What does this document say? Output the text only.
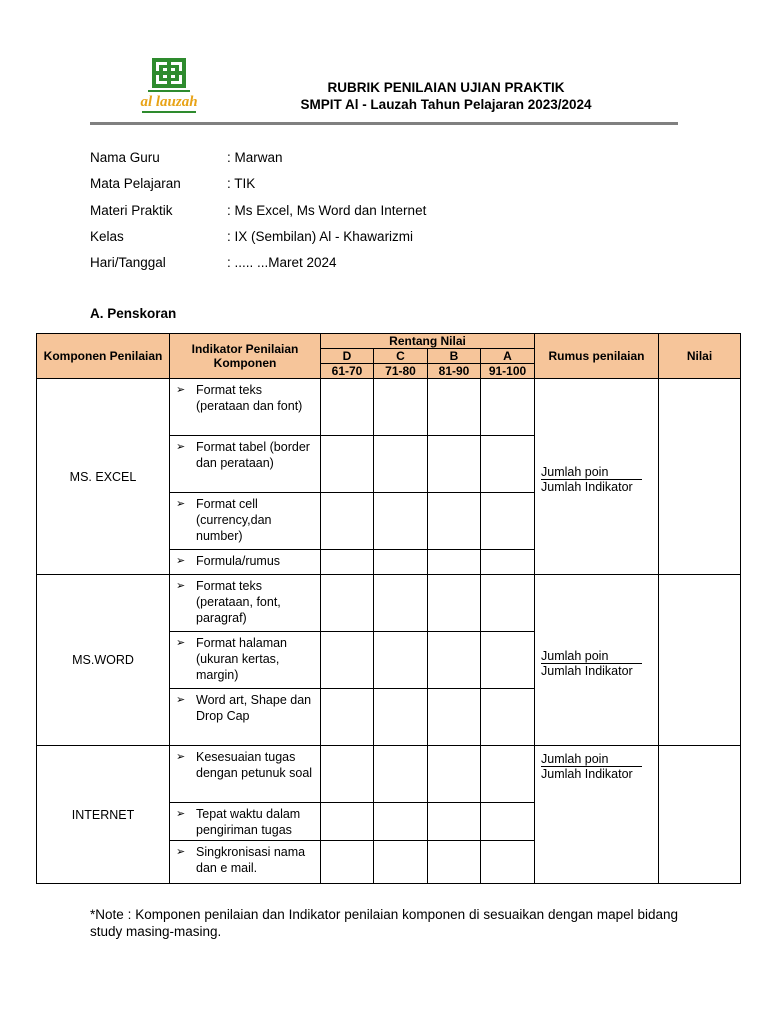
al lauzah
RUBRIK PENILAIAN UJIAN PRAKTIK
SMPIT Al - Lauzah Tahun Pelajaran 2023/2024
Nama Guru	: Marwan
Mata Pelajaran	: TIK
Materi Praktik	: Ms Excel, Ms Word dan Internet
Kelas	: IX (Sembilan) Al - Khawarizmi
Hari/Tanggal	: ..... ...Maret 2024
A. Penskoran
Komponen Penilaian	Indikator Penilaian Komponen	Rentang Nilai				Rumus penilaian	Nilai
		D	C	B	A		
		61-70	71-80	81-90	91-100		
MS. EXCEL	➢ Format teks (perataan dan font)					Jumlah poin
Jumlah Indikator	

	➢ Format tabel (border dan perataan)						

	➢ Format cell (currency,dan number)						

	➢ Formula/rumus						

MS.WORD	➢ Format teks (perataan, font, paragraf)					Jumlah poin
Jumlah Indikator	

	➢ Format halaman (ukuran kertas, margin)						

	➢ Word art, Shape dan Drop Cap						

INTERNET	➢ Kesesuaian tugas dengan petunuk soal					Jumlah poin
Jumlah Indikator	

	➢ Tepat waktu dalam pengiriman tugas						

	➢ Singkronisasi nama dan e mail.						

*Note : Komponen penilaian dan Indikator penilaian komponen di sesuaikan dengan mapel bidang study masing-masing.
